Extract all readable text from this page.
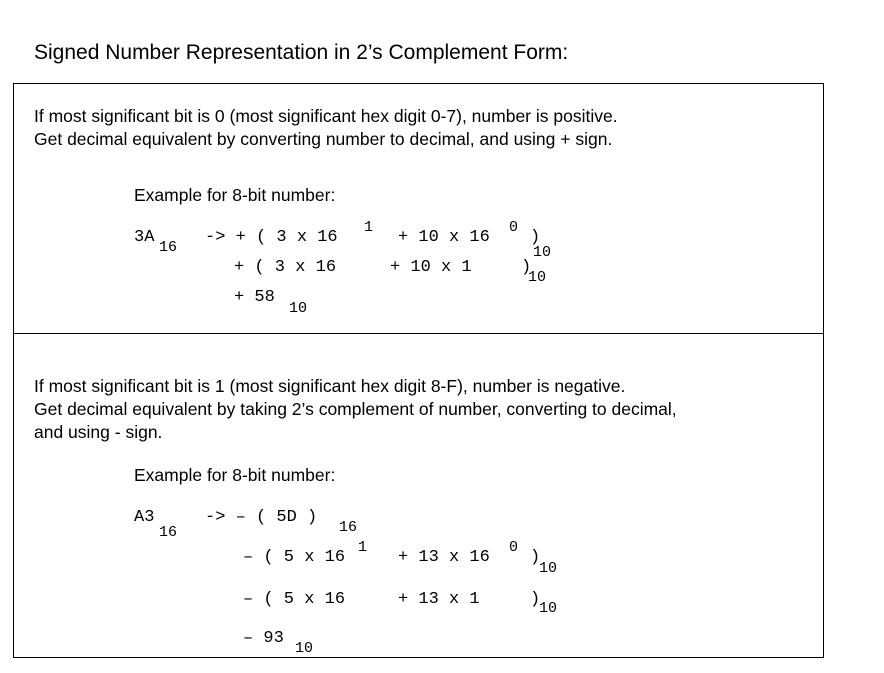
Signed Number Representation in 2’s Complement Form:
If most significant bit is 0 (most significant hex digit 0-7), number is positive.
Get decimal equivalent by converting number to decimal, and using + sign.
Example for 8-bit number:
3A
16
-> + ( 3 x 16
1
+ 10 x 16
0
)
10
+ ( 3 x 16	+ 10 x 1	)
10
+ 58
10
If most significant bit is 1 (most significant hex digit 8-F), number is negative.
Get decimal equivalent by taking 2’s complement of number, converting to decimal,
and using - sign.
Example for 8-bit number:
A3
16
-> – ( 5D )
16
– ( 5 x 16
1
+ 13 x 16
0
)
10
– ( 5 x 16	+ 13 x 1	)
10
– 93
10
